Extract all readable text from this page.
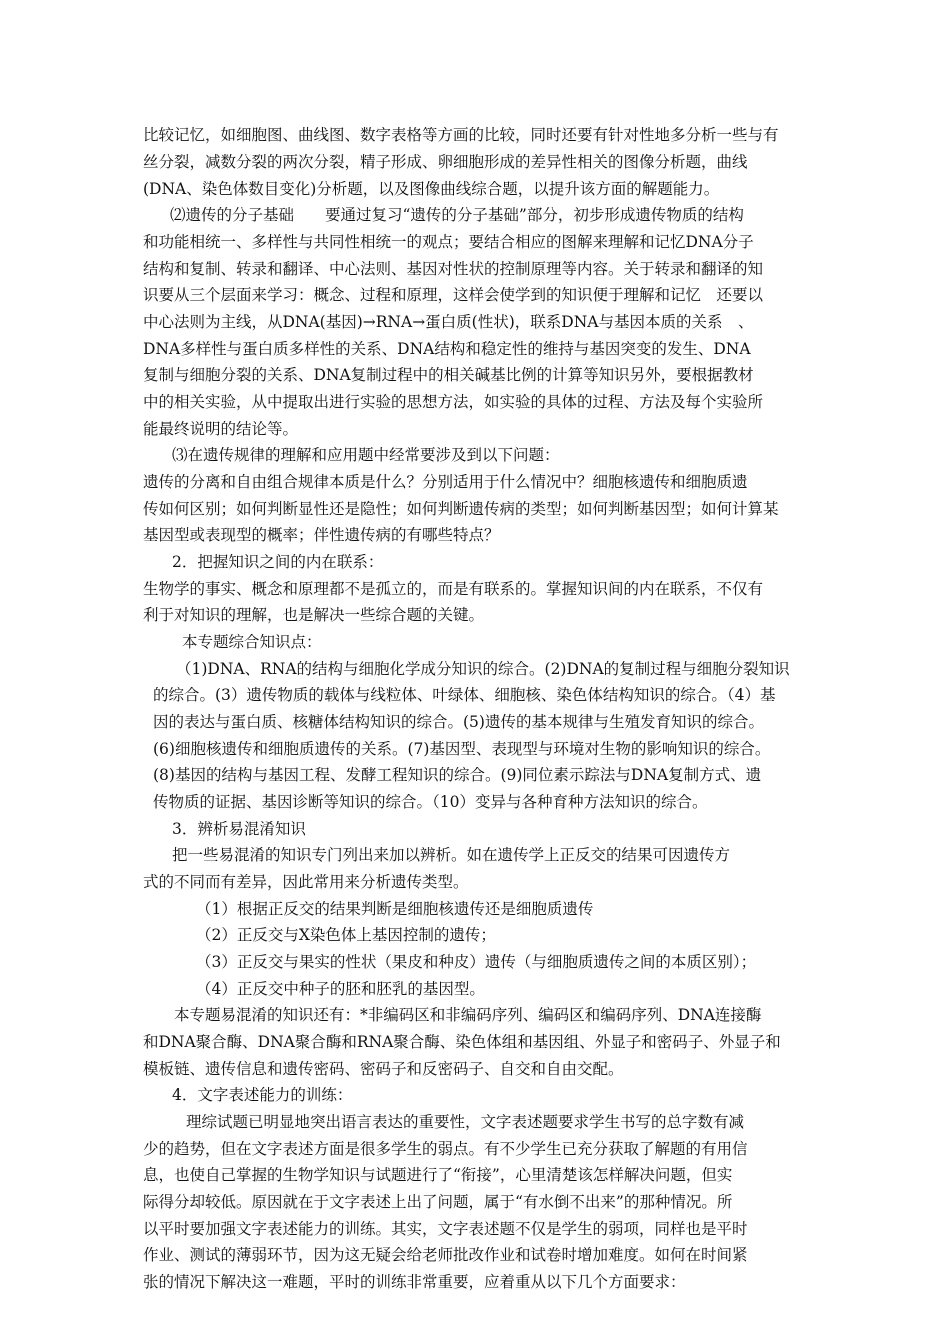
比较记忆，如细胞图、曲线图、数字表格等方画的比较，同时还要有针对性地多分析一些与有

丝分裂，减数分裂的两次分裂，精子形成、卵细胞形成的差异性相关的图像分析题，曲线

(DNA、染色体数目变化)分析题，以及图像曲线综合题，以提升该方面的解题能力。

⑵遗传的分子基础　　要通过复习“遗传的分子基础”部分，初步形成遗传物质的结构

和功能相统一、多样性与共同性相统一的观点；要结合相应的图解来理解和记忆DNA分子

结构和复制、转录和翻译、中心法则、基因对性状的控制原理等内容。关于转录和翻译的知

识要从三个层面来学习：概念、过程和原理，这样会使学到的知识便于理解和记忆　还要以

中心法则为主线，从DNA(基因)→RNA→蛋白质(性状)，联系DNA与基因本质的关系　、

DNA多样性与蛋白质多样性的关系、DNA结构和稳定性的维持与基因突变的发生、DNA

复制与细胞分裂的关系、DNA复制过程中的相关碱基比例的计算等知识另外，要根据教材

中的相关实验，从中提取出进行实验的思想方法，如实验的具体的过程、方法及每个实验所

能最终说明的结论等。

⑶在遗传规律的理解和应用题中经常要涉及到以下问题：

遗传的分离和自由组合规律本质是什么？分别适用于什么情况中？细胞核遗传和细胞质遗

传如何区别；如何判断显性还是隐性；如何判断遗传病的类型；如何判断基因型；如何计算某

基因型或表现型的概率；伴性遗传病的有哪些特点？

2．把握知识之间的内在联系：

生物学的事实、概念和原理都不是孤立的，而是有联系的。掌握知识间的内在联系，不仅有

利于对知识的理解，也是解决一些综合题的关键。

本专题综合知识点：

（1)DNA、RNA的结构与细胞化学成分知识的综合。(2)DNA的复制过程与细胞分裂知识

的综合。(3）遗传物质的载体与线粒体、叶绿体、细胞核、染色体结构知识的综合。（4）基

因的表达与蛋白质、核糖体结构知识的综合。(5)遗传的基本规律与生殖发育知识的综合。

(6)细胞核遗传和细胞质遗传的关系。(7)基因型、表现型与环境对生物的影响知识的综合。

(8)基因的结构与基因工程、发酵工程知识的综合。(9)同位素示踪法与DNA复制方式、遗

传物质的证据、基因诊断等知识的综合。（10）变异与各种育种方法知识的综合。

3．辨析易混淆知识

把一些易混淆的知识专门列出来加以辨析。如在遗传学上正反交的结果可因遗传方

式的不同而有差异，因此常用来分析遗传类型。

（1）根据正反交的结果判断是细胞核遗传还是细胞质遗传

（2）正反交与X染色体上基因控制的遗传；

（3）正反交与果实的性状（果皮和种皮）遗传（与细胞质遗传之间的本质区别）；

（4）正反交中种子的胚和胚乳的基因型。

本专题易混淆的知识还有：*非编码区和非编码序列、编码区和编码序列、DNA连接酶

和DNA聚合酶、DNA聚合酶和RNA聚合酶、染色体组和基因组、外显子和密码子、外显子和

模板链、遗传信息和遗传密码、密码子和反密码子、自交和自由交配。

4．文字表述能力的训练：

理综试题已明显地突出语言表达的重要性，文字表述题要求学生书写的总字数有减

少的趋势，但在文字表述方面是很多学生的弱点。有不少学生已充分获取了解题的有用信

息，也使自己掌握的生物学知识与试题进行了“衔接”，心里清楚该怎样解决问题，但实

际得分却较低。原因就在于文字表述上出了问题，属于“有水倒不出来”的那种情况。所

以平时要加强文字表述能力的训练。其实，文字表述题不仅是学生的弱项，同样也是平时

作业、测试的薄弱环节，因为这无疑会给老师批改作业和试卷时增加难度。如何在时间紧

张的情况下解决这一难题，平时的训练非常重要，应着重从以下几个方面要求：
